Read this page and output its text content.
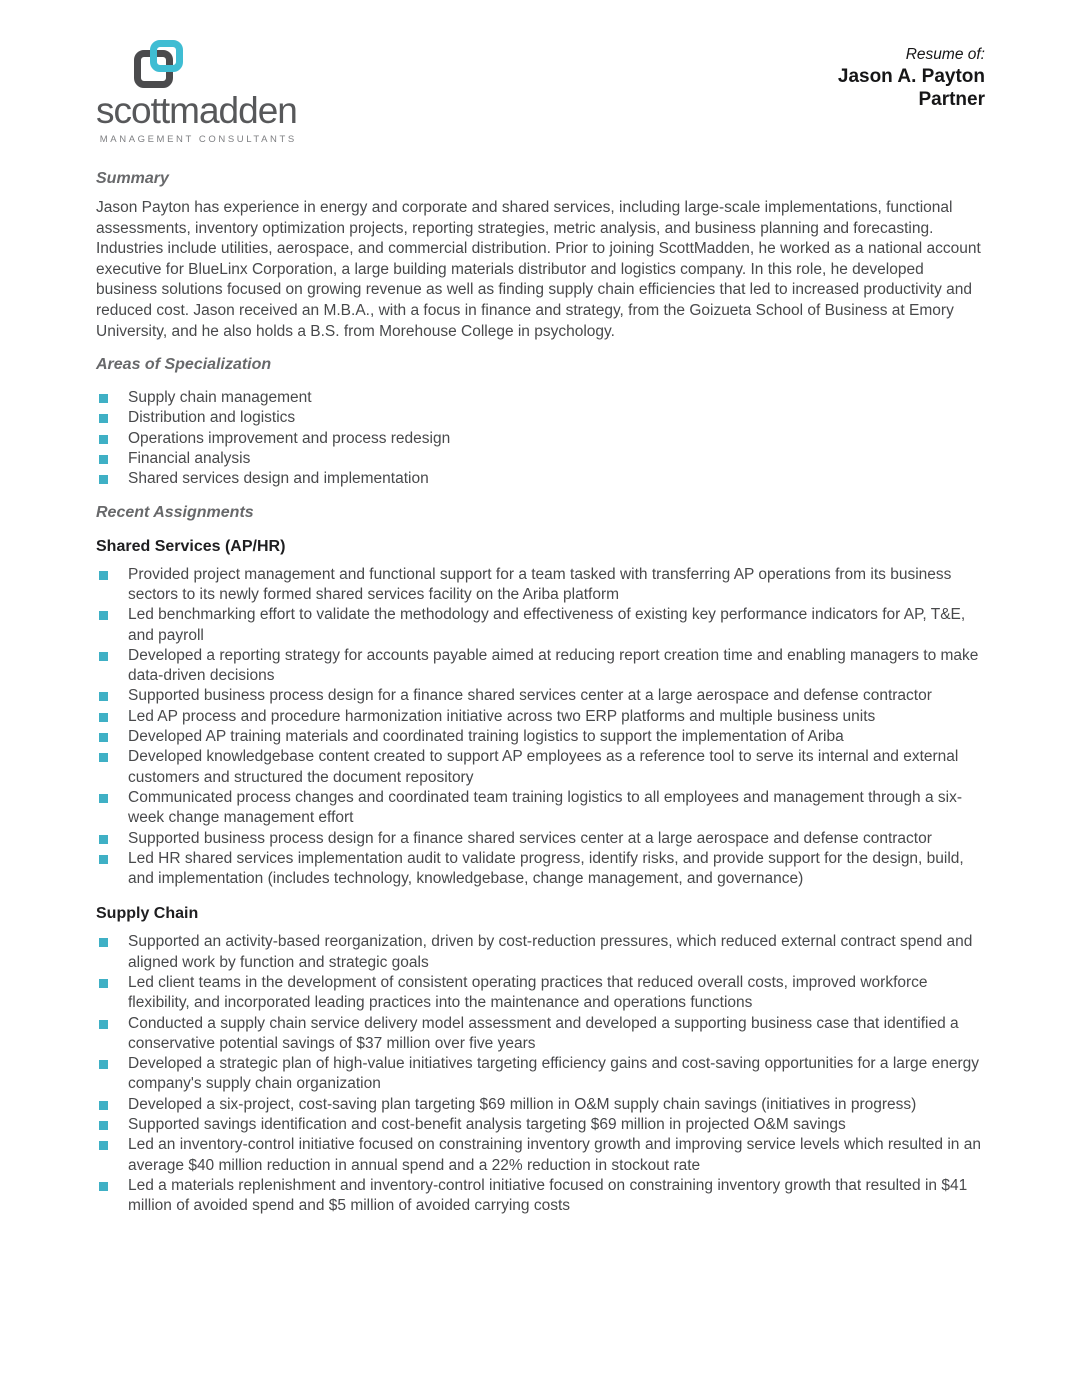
scottmadden
MANAGEMENT CONSULTANTS
Resume of:
Jason A. Payton
Partner
Summary

Jason Payton has experience in energy and corporate and shared services, including large-scale implementations, functional assessments, inventory optimization projects, reporting strategies, metric analysis, and business planning and forecasting. Industries include utilities, aerospace, and commercial distribution. Prior to joining ScottMadden, he worked as a national account executive for BlueLinx Corporation, a large building materials distributor and logistics company. In this role, he developed business solutions focused on growing revenue as well as finding supply chain efficiencies that led to increased productivity and reduced cost. Jason received an M.B.A., with a focus in finance and strategy, from the Goizueta School of Business at Emory University, and he also holds a B.S. from Morehouse College in psychology.

Areas of Specialization
Supply chain management
Distribution and logistics
Operations improvement and process redesign
Financial analysis
Shared services design and implementation
Recent Assignments
Shared Services (AP/HR)
Provided project management and functional support for a team tasked with transferring AP operations from its business sectors to its newly formed shared services facility on the Ariba platform
Led benchmarking effort to validate the methodology and effectiveness of existing key performance indicators for AP, T&E, and payroll
Developed a reporting strategy for accounts payable aimed at reducing report creation time and enabling managers to make data-driven decisions
Supported business process design for a finance shared services center at a large aerospace and defense contractor
Led AP process and procedure harmonization initiative across two ERP platforms and multiple business units
Developed AP training materials and coordinated training logistics to support the implementation of Ariba
Developed knowledgebase content created to support AP employees as a reference tool to serve its internal and external customers and structured the document repository
Communicated process changes and coordinated team training logistics to all employees and management through a six-week change management effort
Supported business process design for a finance shared services center at a large aerospace and defense contractor
Led HR shared services implementation audit to validate progress, identify risks, and provide support for the design, build, and implementation (includes technology, knowledgebase, change management, and governance)
Supply Chain
Supported an activity-based reorganization, driven by cost-reduction pressures, which reduced external contract spend and aligned work by function and strategic goals
Led client teams in the development of consistent operating practices that reduced overall costs, improved workforce flexibility, and incorporated leading practices into the maintenance and operations functions
Conducted a supply chain service delivery model assessment and developed a supporting business case that identified a conservative potential savings of $37 million over five years
Developed a strategic plan of high-value initiatives targeting efficiency gains and cost-saving opportunities for a large energy company's supply chain organization
Developed a six-project, cost-saving plan targeting $69 million in O&M supply chain savings (initiatives in progress)
Supported savings identification and cost-benefit analysis targeting $69 million in projected O&M savings
Led an inventory-control initiative focused on constraining inventory growth and improving service levels which resulted in an average $40 million reduction in annual spend and a 22% reduction in stockout rate
Led a materials replenishment and inventory-control initiative focused on constraining inventory growth that resulted in $41 million of avoided spend and $5 million of avoided carrying costs
